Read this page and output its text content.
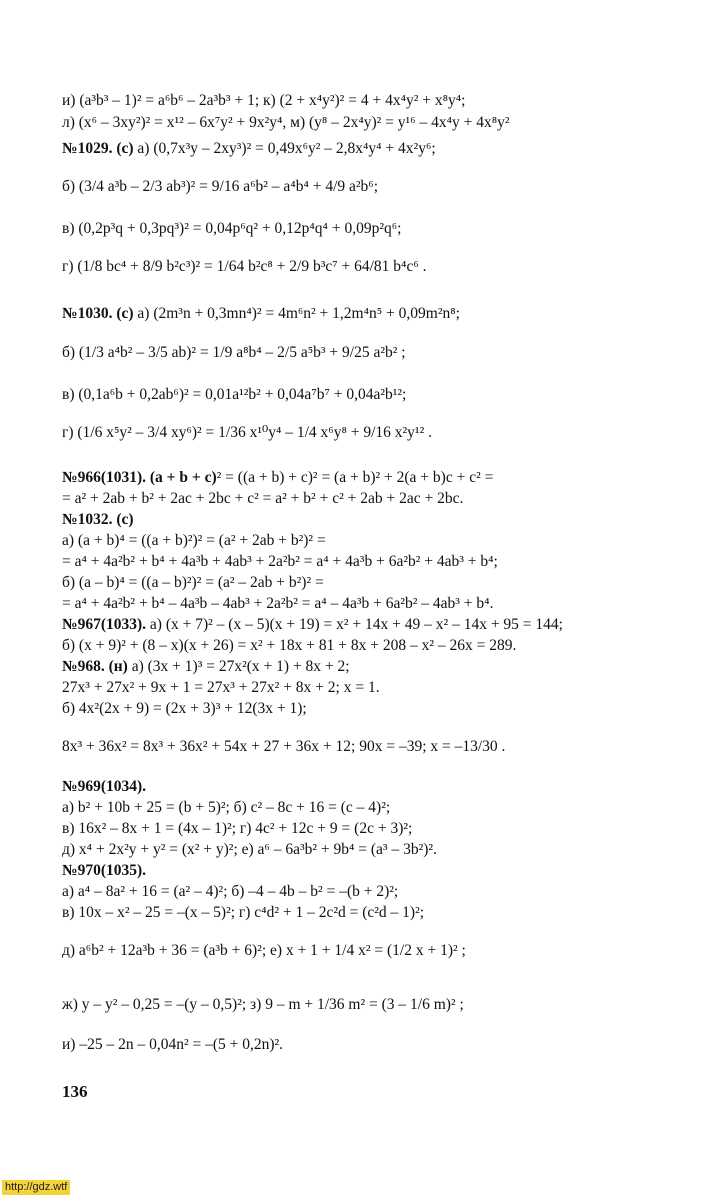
и) (a³b³ – 1)² = a⁶b⁶ – 2a³b³ + 1; к) (2 + x⁴y²)² = 4 + 4x⁴y² + x⁸y⁴;
л) (x⁶ – 3xy²)² = x¹² – 6x⁷y² + 9x²y⁴, м) (y⁸ – 2x⁴y)² = y¹⁶ – 4x⁴y + 4x⁸y²
№1029. (с) а) (0,7x³y – 2xy³)² = 0,49x⁶y² – 2,8x⁴y⁴ + 4x²y⁶;
б) (3/4 a³b – 2/3 ab³)² = 9/16 a⁶b² – a⁴b⁴ + 4/9 a²b⁶;
в) (0,2p³q + 0,3pq³)² = 0,04p⁶q² + 0,12p⁴q⁴ + 0,09p²q⁶;
г) (1/8 bc⁴ + 8/9 b²c³)² = 1/64 b²c⁸ + 2/9 b³c⁷ + 64/81 b⁴c⁶ .
№1030. (с) а) (2m³n + 0,3mn⁴)² = 4m⁶n² + 1,2m⁴n⁵ + 0,09m²n⁸;
б) (1/3 a⁴b² – 3/5 ab)² = 1/9 a⁸b⁴ – 2/5 a⁵b³ + 9/25 a²b² ;
в) (0,1a⁶b + 0,2ab⁶)² = 0,01a¹²b² + 0,04a⁷b⁷ + 0,04a²b¹²;
г) (1/6 x⁵y² – 3/4 xy⁶)² = 1/36 x¹⁰y⁴ – 1/4 x⁶y⁸ + 9/16 x²y¹² .
№966(1031). (a + b + c)² = ((a + b) + c)² = (a + b)² + 2(a + b)c + c² =
= a² + 2ab + b² + 2ac + 2bc + c² = a² + b² + c² + 2ab + 2ac + 2bc.
№1032. (с)
а) (a + b)⁴ = ((a + b)²)² = (a² + 2ab + b²)² =
= a⁴ + 4a²b² + b⁴ + 4a³b + 4ab³ + 2a²b² = a⁴ + 4a³b + 6a²b² + 4ab³ + b⁴;
б) (a – b)⁴ = ((a – b)²)² = (a² – 2ab + b²)² =
= a⁴ + 4a²b² + b⁴ – 4a³b – 4ab³ + 2a²b² = a⁴ – 4a³b + 6a²b² – 4ab³ + b⁴.
№967(1033). а) (x + 7)² – (x – 5)(x + 19) = x² + 14x + 49 – x² – 14x + 95 = 144;
б) (x + 9)² + (8 – x)(x + 26) = x² + 18x + 81 + 8x + 208 – x² – 26x = 289.
№968. (н) а) (3x + 1)³ = 27x²(x + 1) + 8x + 2;
27x³ + 27x² + 9x + 1 = 27x³ + 27x² + 8x + 2; x = 1.
б) 4x²(2x + 9) = (2x + 3)³ + 12(3x + 1);
8x³ + 36x² = 8x³ + 36x² + 54x + 27 + 36x + 12; 90x = –39; x = –13/30 .
№969(1034).
а) b² + 10b + 25 = (b + 5)²; б) c² – 8c + 16 = (c – 4)²;
в) 16x² – 8x + 1 = (4x – 1)²; г) 4c² + 12c + 9 = (2c + 3)²;
д) x⁴ + 2x²y + y² = (x² + y)²; е) a⁶ – 6a³b² + 9b⁴ = (a³ – 3b²)².
№970(1035).
а) a⁴ – 8a² + 16 = (a² – 4)²; б) –4 – 4b – b² = –(b + 2)²;
в) 10x – x² – 25 = –(x – 5)²; г) c⁴d² + 1 – 2c²d = (c²d – 1)²;
д) a⁶b² + 12a³b + 36 = (a³b + 6)²; е) x + 1 + 1/4 x² = (1/2 x + 1)² ;
ж) y – y² – 0,25 = –(y – 0,5)²; з) 9 – m + 1/36 m² = (3 – 1/6 m)² ;
и) –25 – 2n – 0,04n² = –(5 + 0,2n)².
136
http://gdz.wtf
